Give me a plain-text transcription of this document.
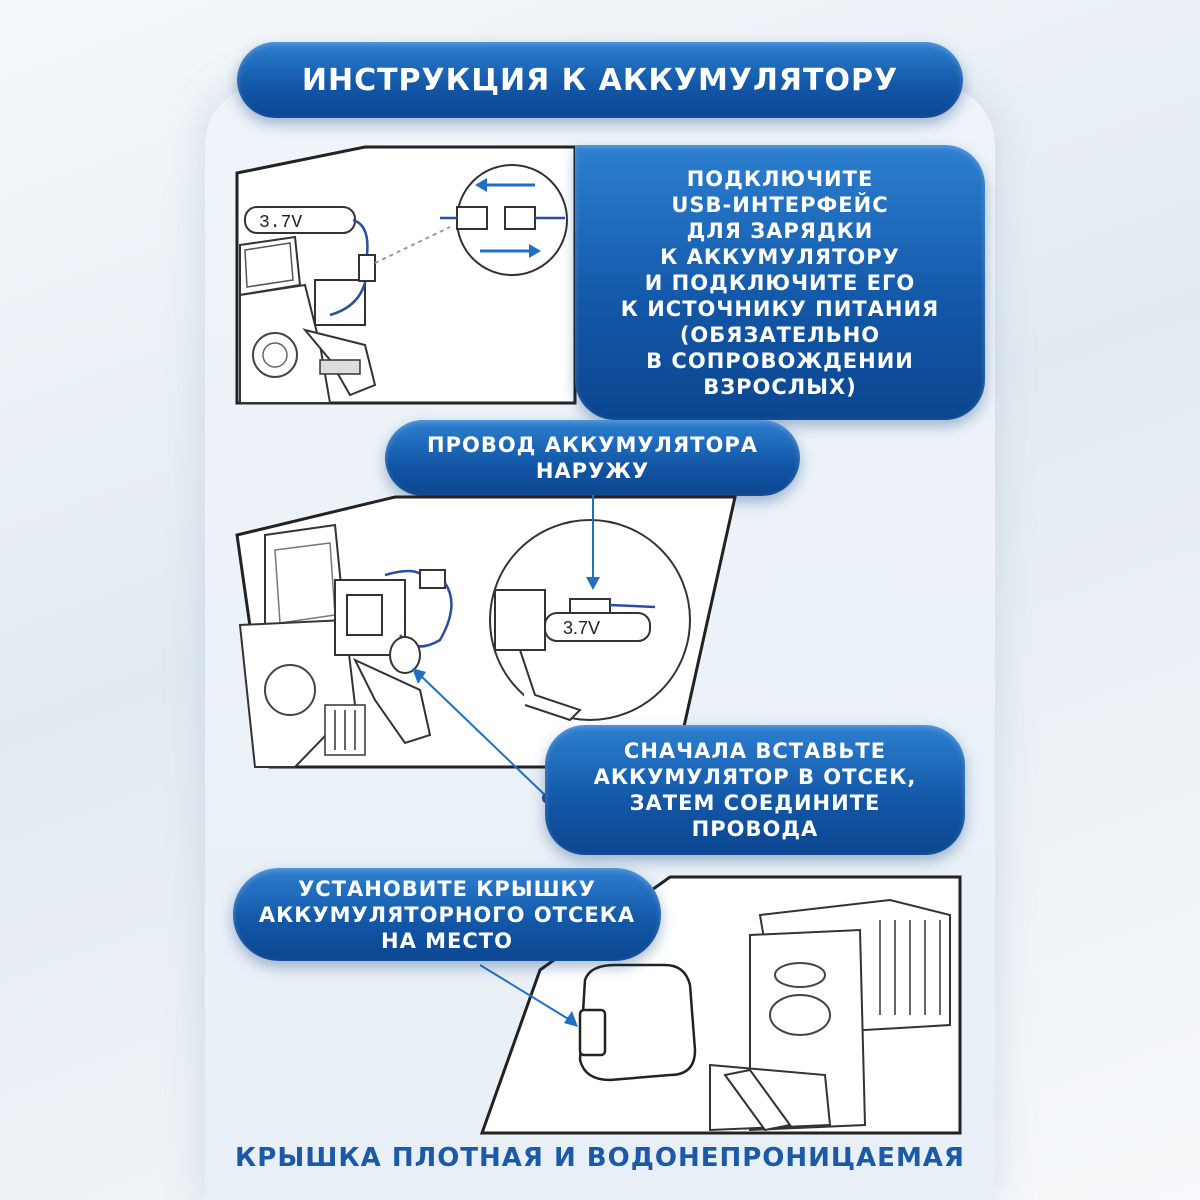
ИНСТРУКЦИЯ К АККУМУЛЯТОРУ
3.7V
ПОДКЛЮЧИТЕ
USB-ИНТЕРФЕЙС
ДЛЯ ЗАРЯДКИ
К АККУМУЛЯТОРУ
И ПОДКЛЮЧИТЕ ЕГО
К ИСТОЧНИКУ ПИТАНИЯ
(ОБЯЗАТЕЛЬНО
В СОПРОВОЖДЕНИИ
ВЗРОСЛЫХ)
ПРОВОД АККУМУЛЯТОРА
НАРУЖУ
3.7V
СНАЧАЛА ВСТАВЬТЕ
АККУМУЛЯТОР В ОТСЕК,
ЗАТЕМ СОЕДИНИТЕ
ПРОВОДА
УСТАНОВИТЕ КРЫШКУ
АККУМУЛЯТОРНОГО ОТСЕКА
НА МЕСТО
КРЫШКА ПЛОТНАЯ И ВОДОНЕПРОНИЦАЕМАЯ
